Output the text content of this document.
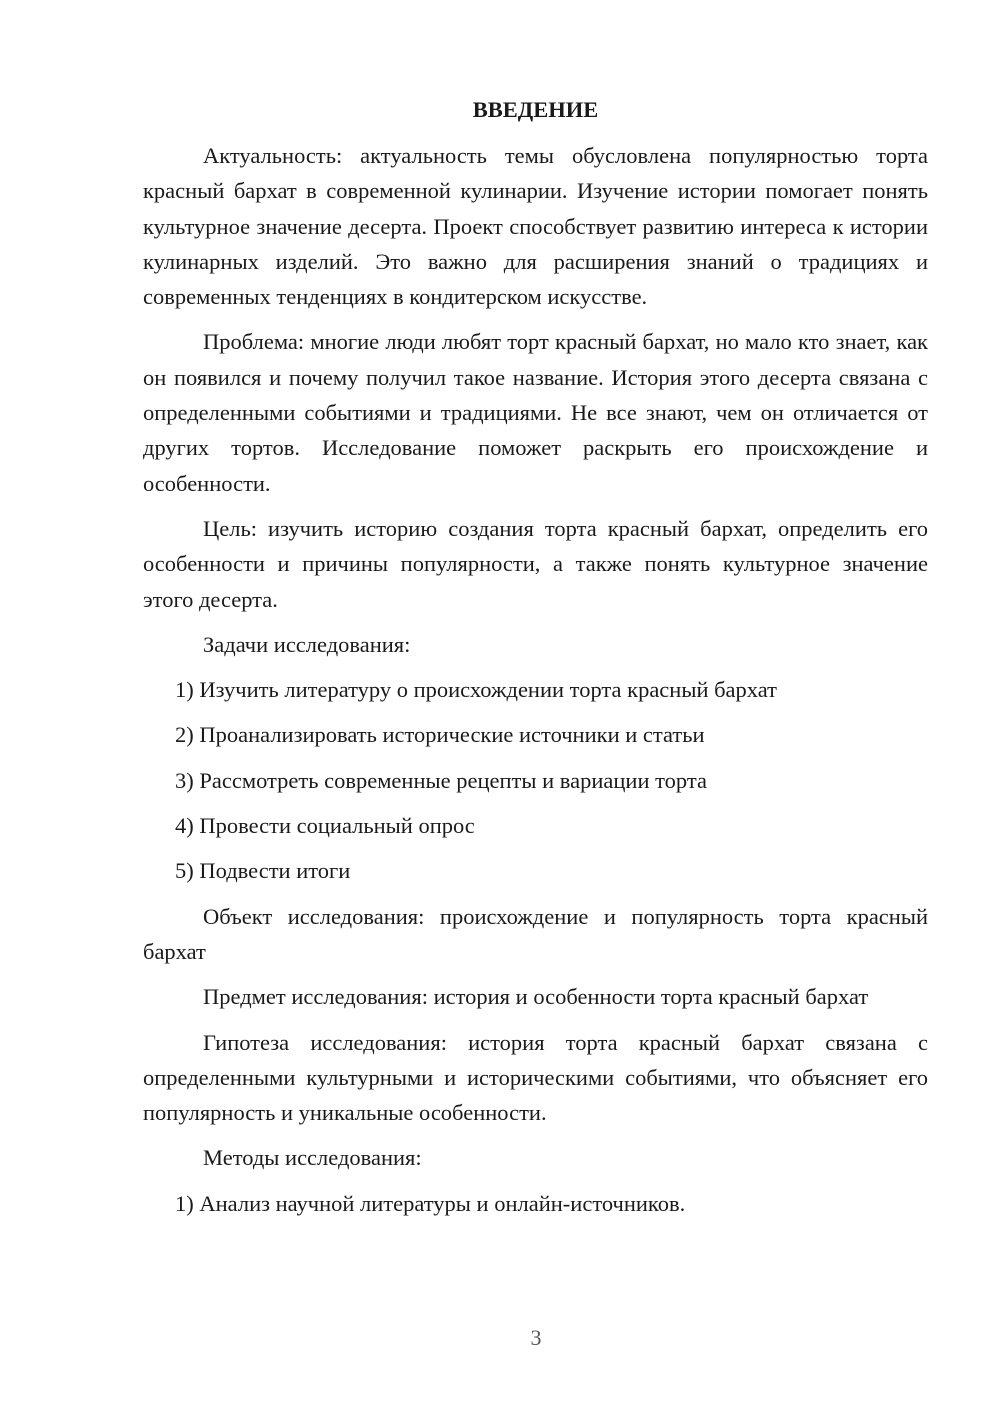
ВВЕДЕНИЕ

Актуальность: актуальность темы обусловлена популярностью торта красный бархат в современной кулинарии. Изучение истории помогает понять культурное значение десерта. Проект способствует развитию интереса к истории кулинарных изделий. Это важно для расширения знаний о традициях и современных тенденциях в кондитерском искусстве.

Проблема: многие люди любят торт красный бархат, но мало кто знает, как он появился и почему получил такое название. История этого десерта связана с определенными событиями и традициями. Не все знают, чем он отличается от других тортов. Исследование поможет раскрыть его происхождение и особенности.

Цель: изучить историю создания торта красный бархат, определить его особенности и причины популярности, а также понять культурное значение этого десерта.

Задачи исследования:

1) Изучить литературу о происхождении торта красный бархат

2) Проанализировать исторические источники и статьи

3) Рассмотреть современные рецепты и вариации торта

4) Провести социальный опрос

5) Подвести итоги

Объект исследования: происхождение и популярность торта красный бархат

Предмет исследования: история и особенности торта красный бархат

Гипотеза исследования: история торта красный бархат связана с определенными культурными и историческими событиями, что объясняет его популярность и уникальные особенности.

Методы исследования:

1) Анализ научной литературы и онлайн-источников.

3
